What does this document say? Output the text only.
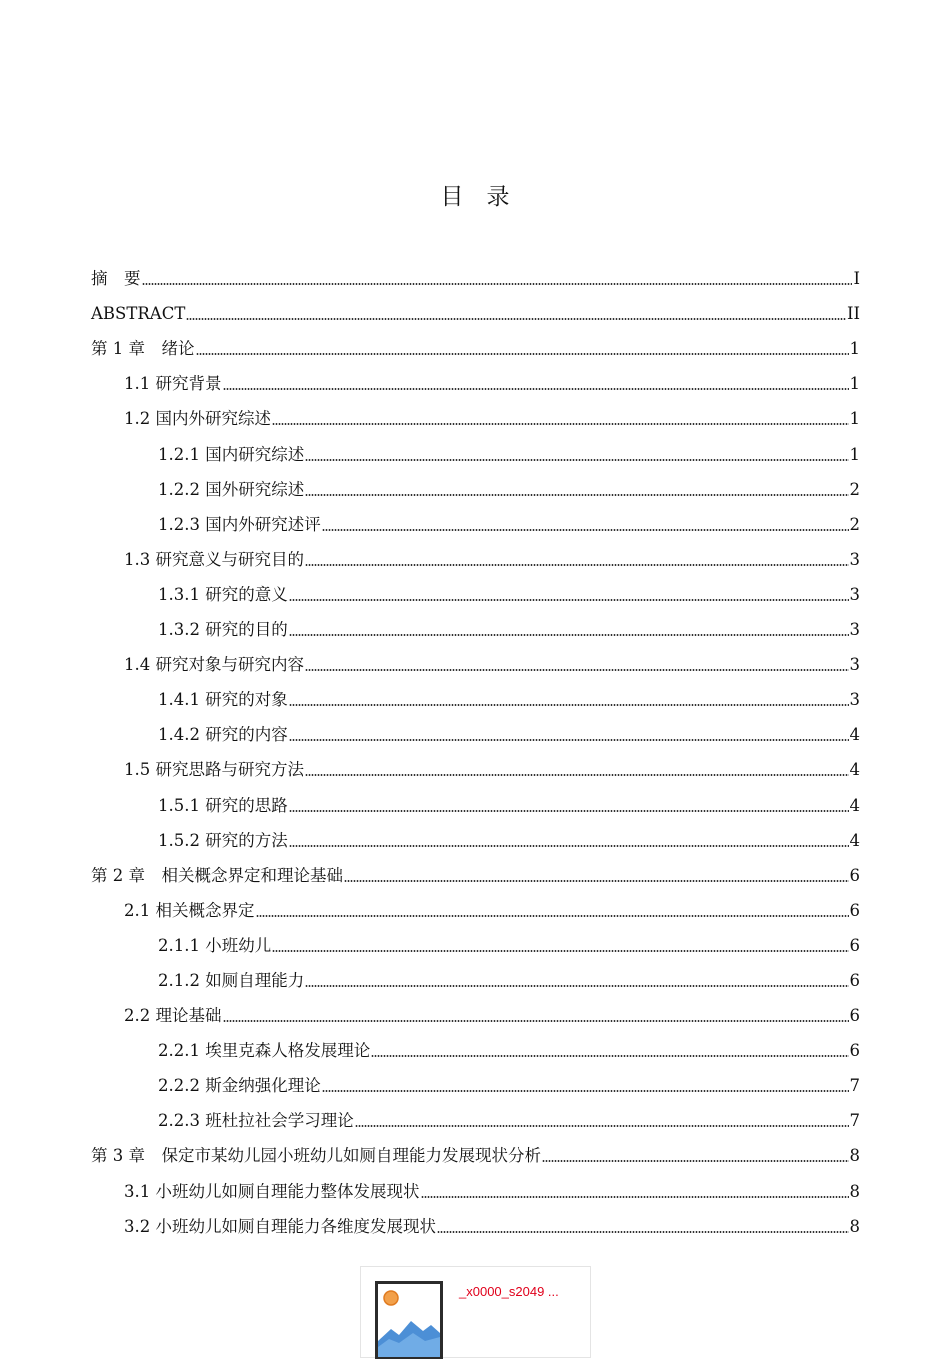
目　录
摘　要	I
ABSTRACT	II
第 1 章　绪论	1
1.1 研究背景	1
1.2 国内外研究综述	1
1.2.1 国内研究综述	1
1.2.2 国外研究综述	2
1.2.3 国内外研究述评	2
1.3 研究意义与研究目的	3
1.3.1 研究的意义	3
1.3.2 研究的目的	3
1.4 研究对象与研究内容	3
1.4.1 研究的对象	3
1.4.2 研究的内容	4
1.5 研究思路与研究方法	4
1.5.1 研究的思路	4
1.5.2 研究的方法	4
第 2 章　相关概念界定和理论基础	6
2.1 相关概念界定	6
2.1.1 小班幼儿	6
2.1.2 如厕自理能力	6
2.2 理论基础	6
2.2.1 埃里克森人格发展理论	6
2.2.2 斯金纳强化理论	7
2.2.3 班杜拉社会学习理论	7
第 3 章　保定市某幼儿园小班幼儿如厕自理能力发展现状分析	8
3.1 小班幼儿如厕自理能力整体发展现状	8
3.2 小班幼儿如厕自理能力各维度发展现状	8
_x0000_s2049 ...
